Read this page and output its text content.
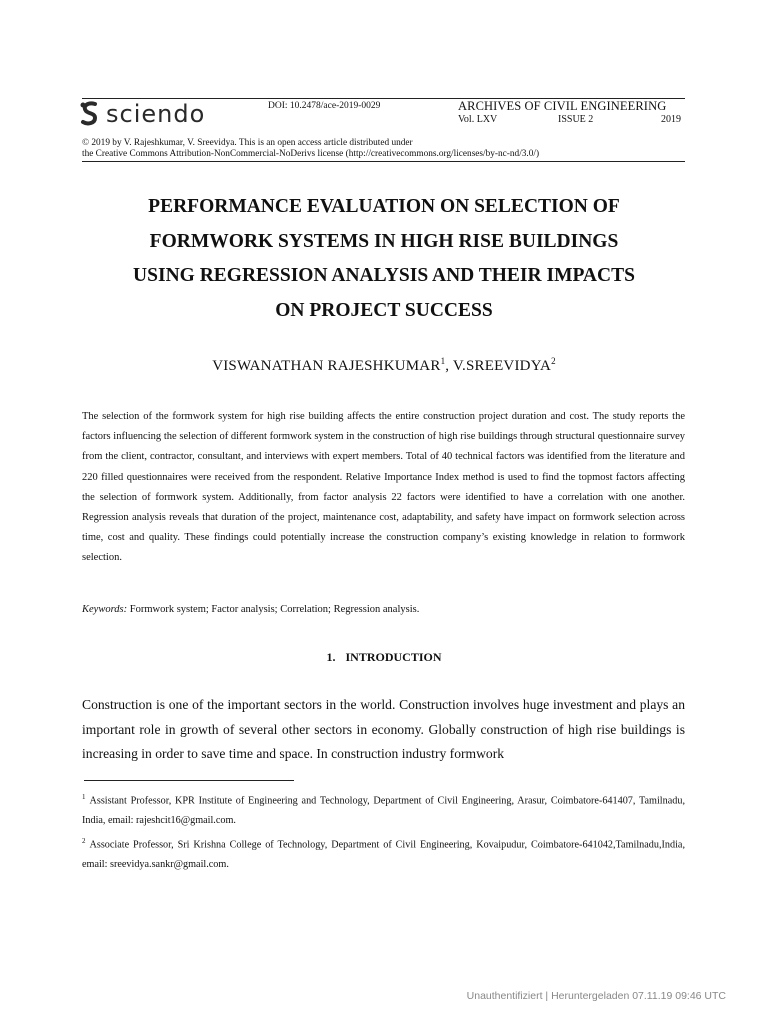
sciendo	DOI: 10.2478/ace-2019-0029	ARCHIVES OF CIVIL ENGINEERING
Vol. LXV	ISSUE 2	2019
© 2019 by V. Rajeshkumar, V. Sreevidya. This is an open access article distributed under
the Creative Commons Attribution-NonCommercial-NoDerivs license (http://creativecommons.org/licenses/by-nc-nd/3.0/)
PERFORMANCE EVALUATION ON SELECTION OF
FORMWORK SYSTEMS IN HIGH RISE BUILDINGS
USING REGRESSION ANALYSIS AND THEIR IMPACTS
ON PROJECT SUCCESS
VISWANATHAN RAJESHKUMAR$^1$, V.SREEVIDYA$^2$
The selection of the formwork system for high rise building affects the entire construction project duration and cost. The study reports the factors influencing the selection of different formwork system in the construction of high rise buildings through structural questionnaire survey from the client, contractor, consultant, and interviews with expert members. Total of 40 technical factors was identified from the literature and 220 filled questionnaires were received from the respondent. Relative Importance Index method is used to find the topmost factors affecting the selection of formwork system. Additionally, from factor analysis 22 factors were identified to have a correlation with one another. Regression analysis reveals that duration of the project, maintenance cost, adaptability, and safety have impact on formwork selection across time, cost and quality. These findings could potentially increase the construction company’s existing knowledge in relation to formwork selection.
Keywords: Formwork system; Factor analysis; Correlation; Regression analysis.
1. INTRODUCTION
Construction is one of the important sectors in the world. Construction involves huge investment and plays an important role in growth of several other sectors in economy. Globally construction of high rise buildings is increasing in order to save time and space. In construction industry formwork
$^1$ Assistant Professor, KPR Institute of Engineering and Technology, Department of Civil Engineering, Arasur, Coimbatore-641407, Tamilnadu, India, email: rajeshcit16@gmail.com.
$^2$ Associate Professor, Sri Krishna College of Technology, Department of Civil Engineering, Kovaipudur, Coimbatore-641042,Tamilnadu,India, email: sreevidya.sankr@gmail.com.
Unauthentifiziert | Heruntergeladen 07.11.19 09:46 UTC
